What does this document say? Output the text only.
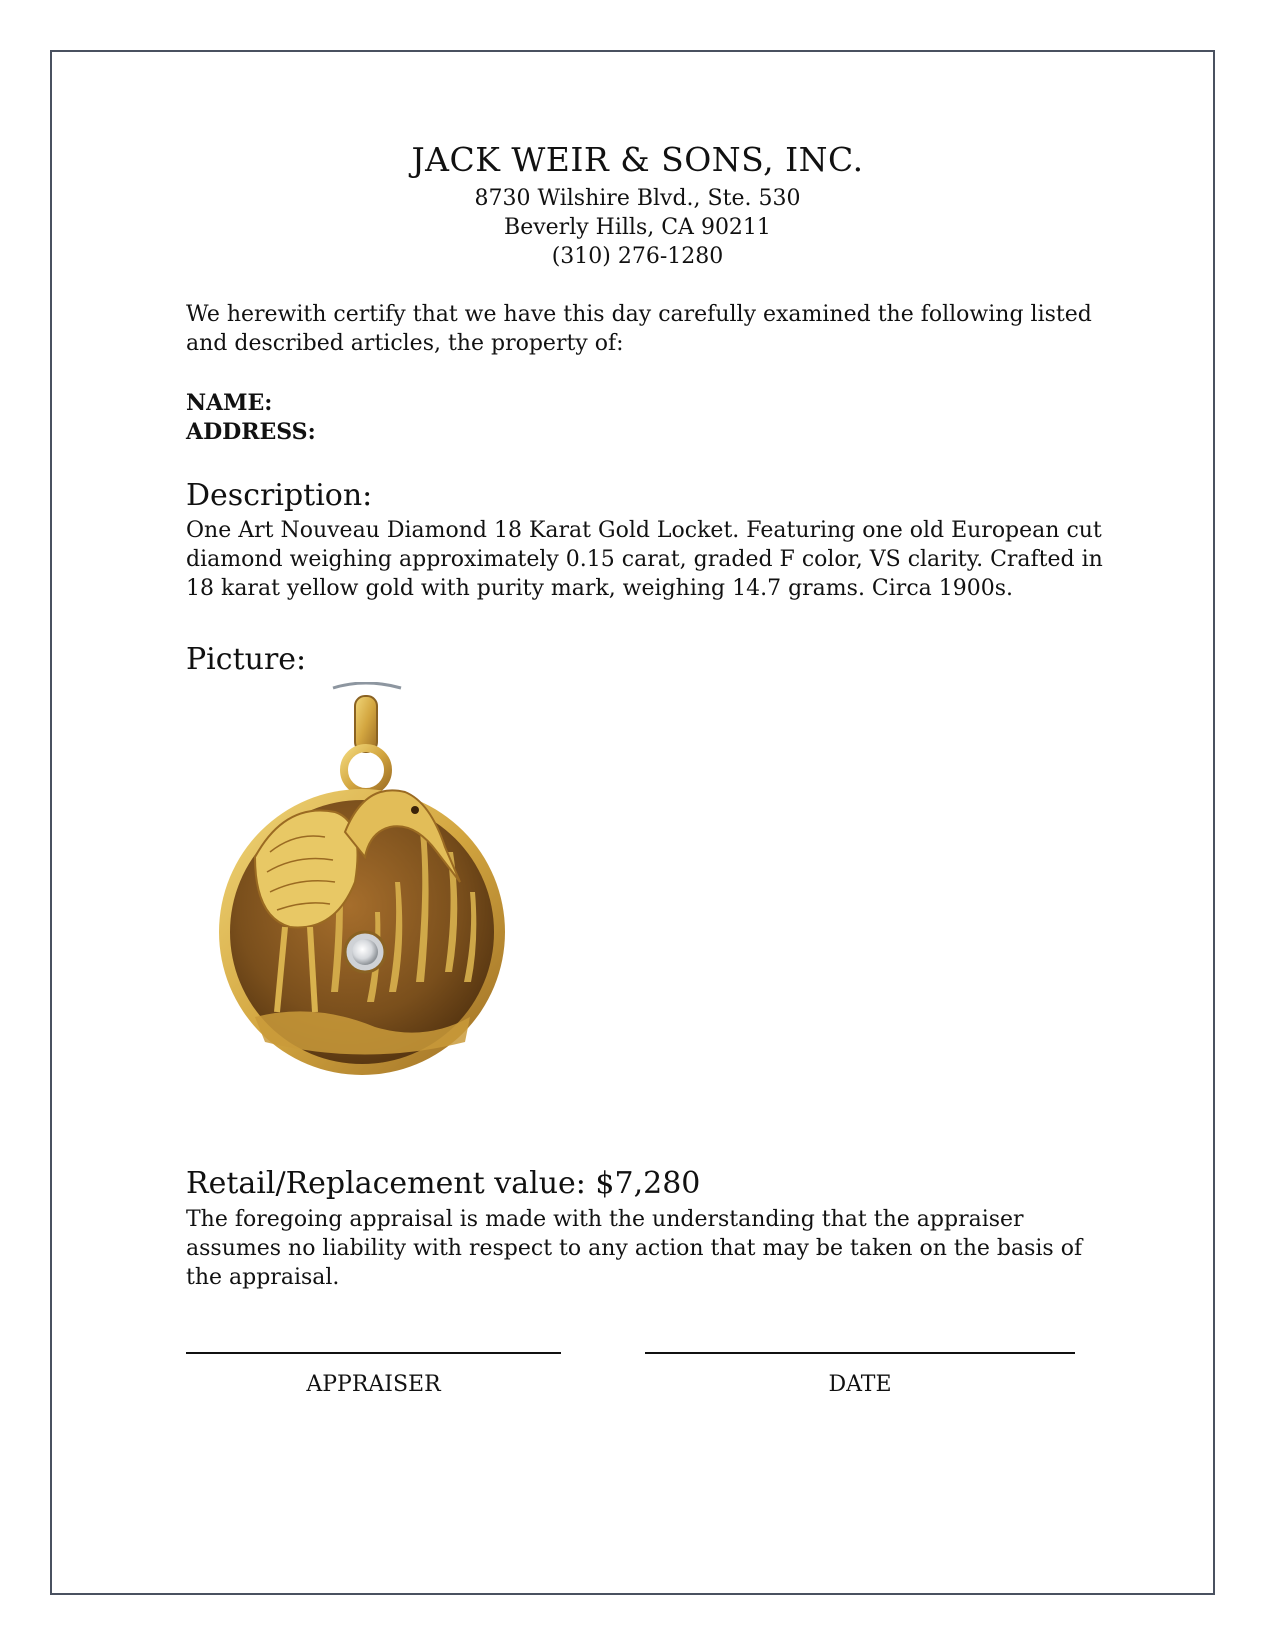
JACK WEIR & SONS, INC.
8730 Wilshire Blvd., Ste. 530
Beverly Hills, CA 90211
(310) 276-1280
We herewith certify that we have this day carefully examined the following listed and described articles, the property of:
NAME:
ADDRESS:
Description:
One Art Nouveau Diamond 18 Karat Gold Locket. Featuring one old European cut diamond weighing approximately 0.15 carat, graded F color, VS clarity. Crafted in 18 karat yellow gold with purity mark, weighing 14.7 grams. Circa 1900s.
Picture:
Retail/Replacement value: $7,280
The foregoing appraisal is made with the understanding that the appraiser assumes no liability with respect to any action that may be taken on the basis of the appraisal.
APPRAISER	DATE
